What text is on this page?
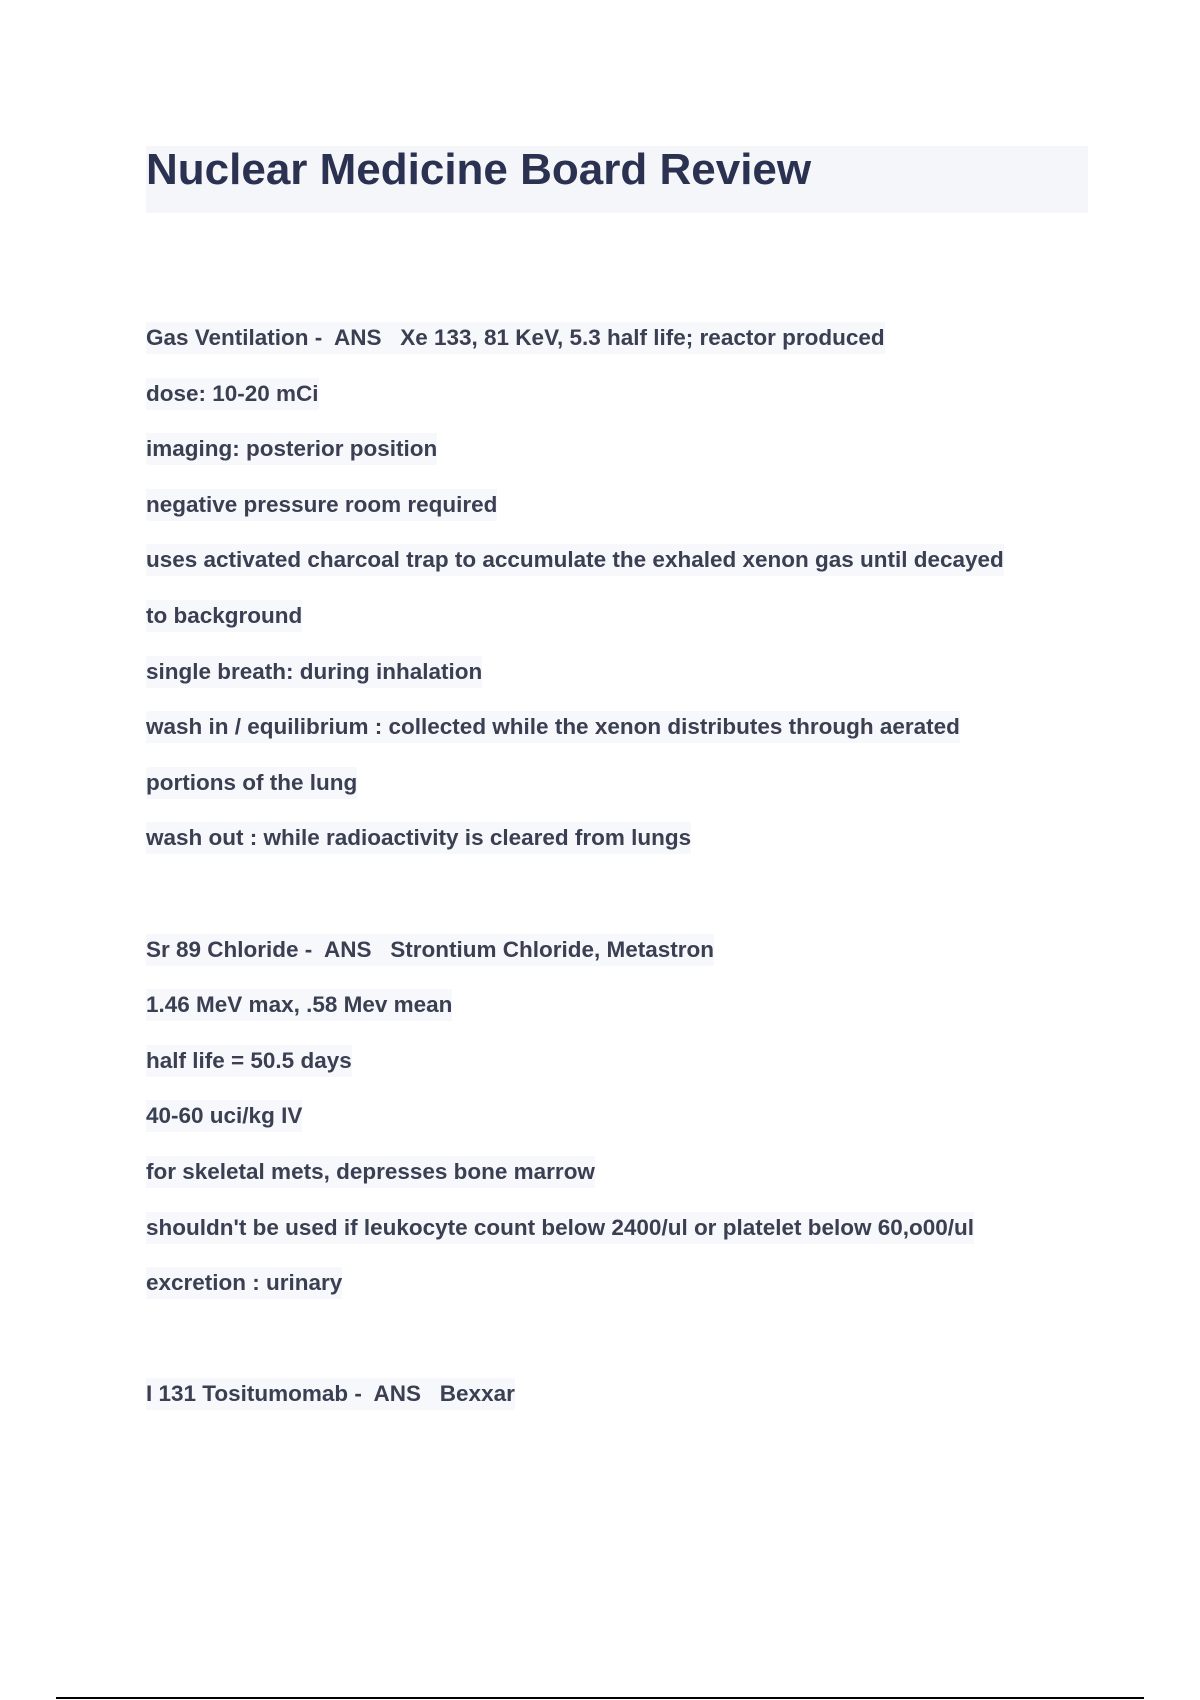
Nuclear Medicine Board Review
Gas Ventilation -  ANS   Xe 133, 81 KeV, 5.3 half life; reactor produced
dose: 10-20 mCi
imaging: posterior position
negative pressure room required
uses activated charcoal trap to accumulate the exhaled xenon gas until decayed
to background
single breath: during inhalation
wash in / equilibrium : collected while the xenon distributes through aerated
portions of the lung
wash out : while radioactivity is cleared from lungs
Sr 89 Chloride -  ANS   Strontium Chloride, Metastron
1.46 MeV max, .58 Mev mean
half life = 50.5 days
40-60 uci/kg IV
for skeletal mets, depresses bone marrow
shouldn't be used if leukocyte count below 2400/ul or platelet below 60,o00/ul
excretion : urinary
I 131 Tositumomab -  ANS   Bexxar
